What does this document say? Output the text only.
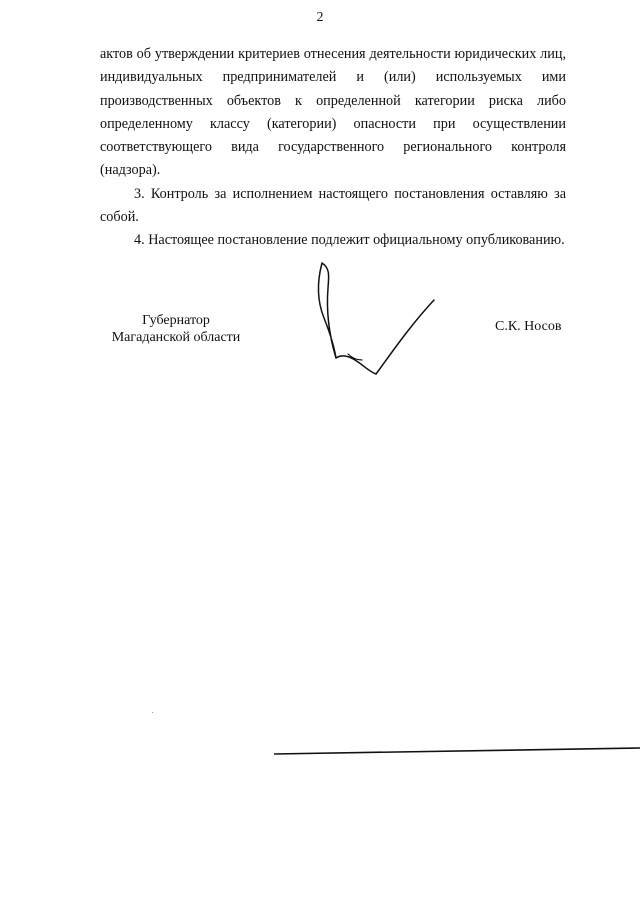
2

актов об утверждении критериев отнесения деятельности юридических лиц, индивидуальных предпринимателей и (или) используемых ими производственных объектов к определенной категории риска либо определенному классу (категории) опасности при осуществлении соответствующего вида государственного регионального контроля (надзора).

3. Контроль за исполнением настоящего постановления оставляю за собой.

4. Настоящее постановление подлежит официальному опубликованию.

Губернатор
Магаданской области
С.К. Носов
